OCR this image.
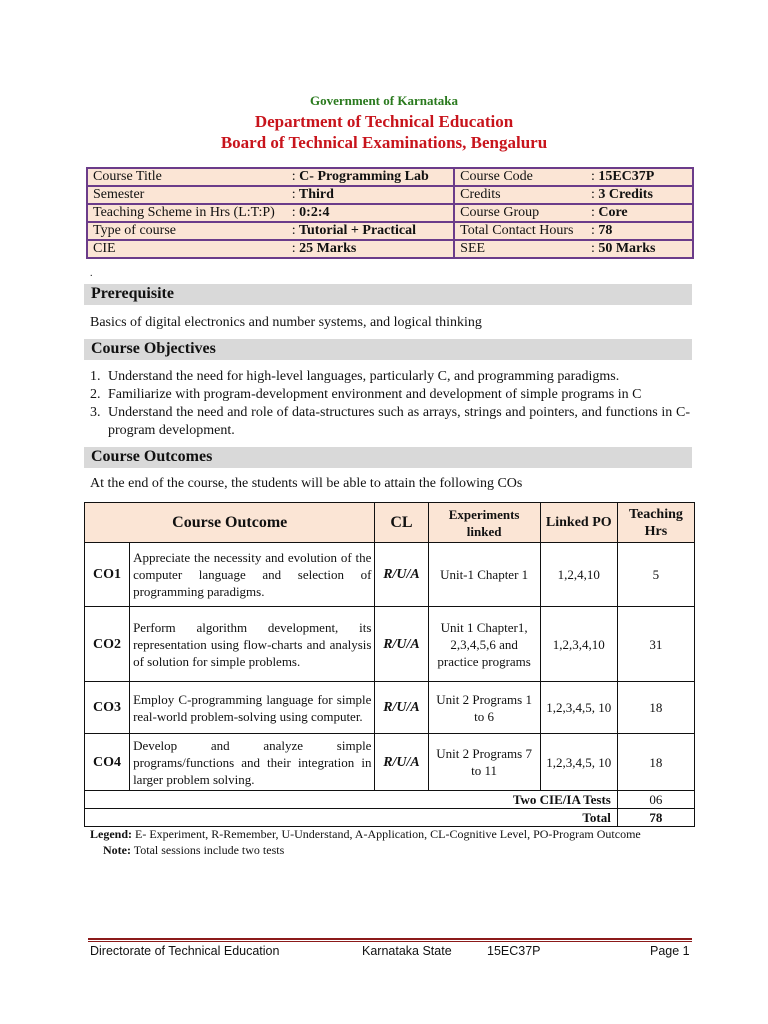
Government of Karnataka
Department of Technical Education
Board of Technical Examinations, Bengaluru
Course Title	: C- Programming Lab	Course Code	: 15EC37P
Semester	: Third	Credits	: 3 Credits
Teaching Scheme in Hrs (L:T:P)	: 0:2:4	Course Group	: Core
Type of course	: Tutorial + Practical	Total Contact Hours	: 78
CIE	: 25 Marks	SEE	: 50 Marks
.
Prerequisite
Basics of digital electronics and number systems, and logical thinking
Course Objectives
1. Understand the need for high-level languages, particularly C, and programming paradigms.
2. Familiarize with program-development environment and development of simple programs in C
3. Understand the need and role of data-structures such as arrays, strings and pointers, and functions in C-program development.
Course Outcomes
At the end of the course, the students will be able to attain the following COs
Course Outcome		CL	Experiments linked	Linked PO	Teaching Hrs
CO1	Appreciate the necessity and evolution of the computer language and selection of programming paradigms.	R/U/A	Unit-1 Chapter 1	1,2,4,10	5
CO2	Perform algorithm development, its representation using flow-charts and analysis of solution for simple problems.	R/U/A	Unit 1 Chapter1, 2,3,4,5,6 and practice programs	1,2,3,4,10	31
CO3	Employ C-programming language for simple real-world problem-solving using computer.	R/U/A	Unit 2 Programs 1 to 6	1,2,3,4,5, 10	18
CO4	Develop and analyze simple programs/functions and their integration in larger problem solving.	R/U/A	Unit 2 Programs 7 to 11	1,2,3,4,5, 10	18
Two CIE/IA Tests					06
Total					78
Legend: E- Experiment, R-Remember, U-Understand, A-Application, CL-Cognitive Level, PO-Program Outcome
Note: Total sessions include two tests
Directorate of Technical Education	Karnataka State	15EC37P	Page 1
